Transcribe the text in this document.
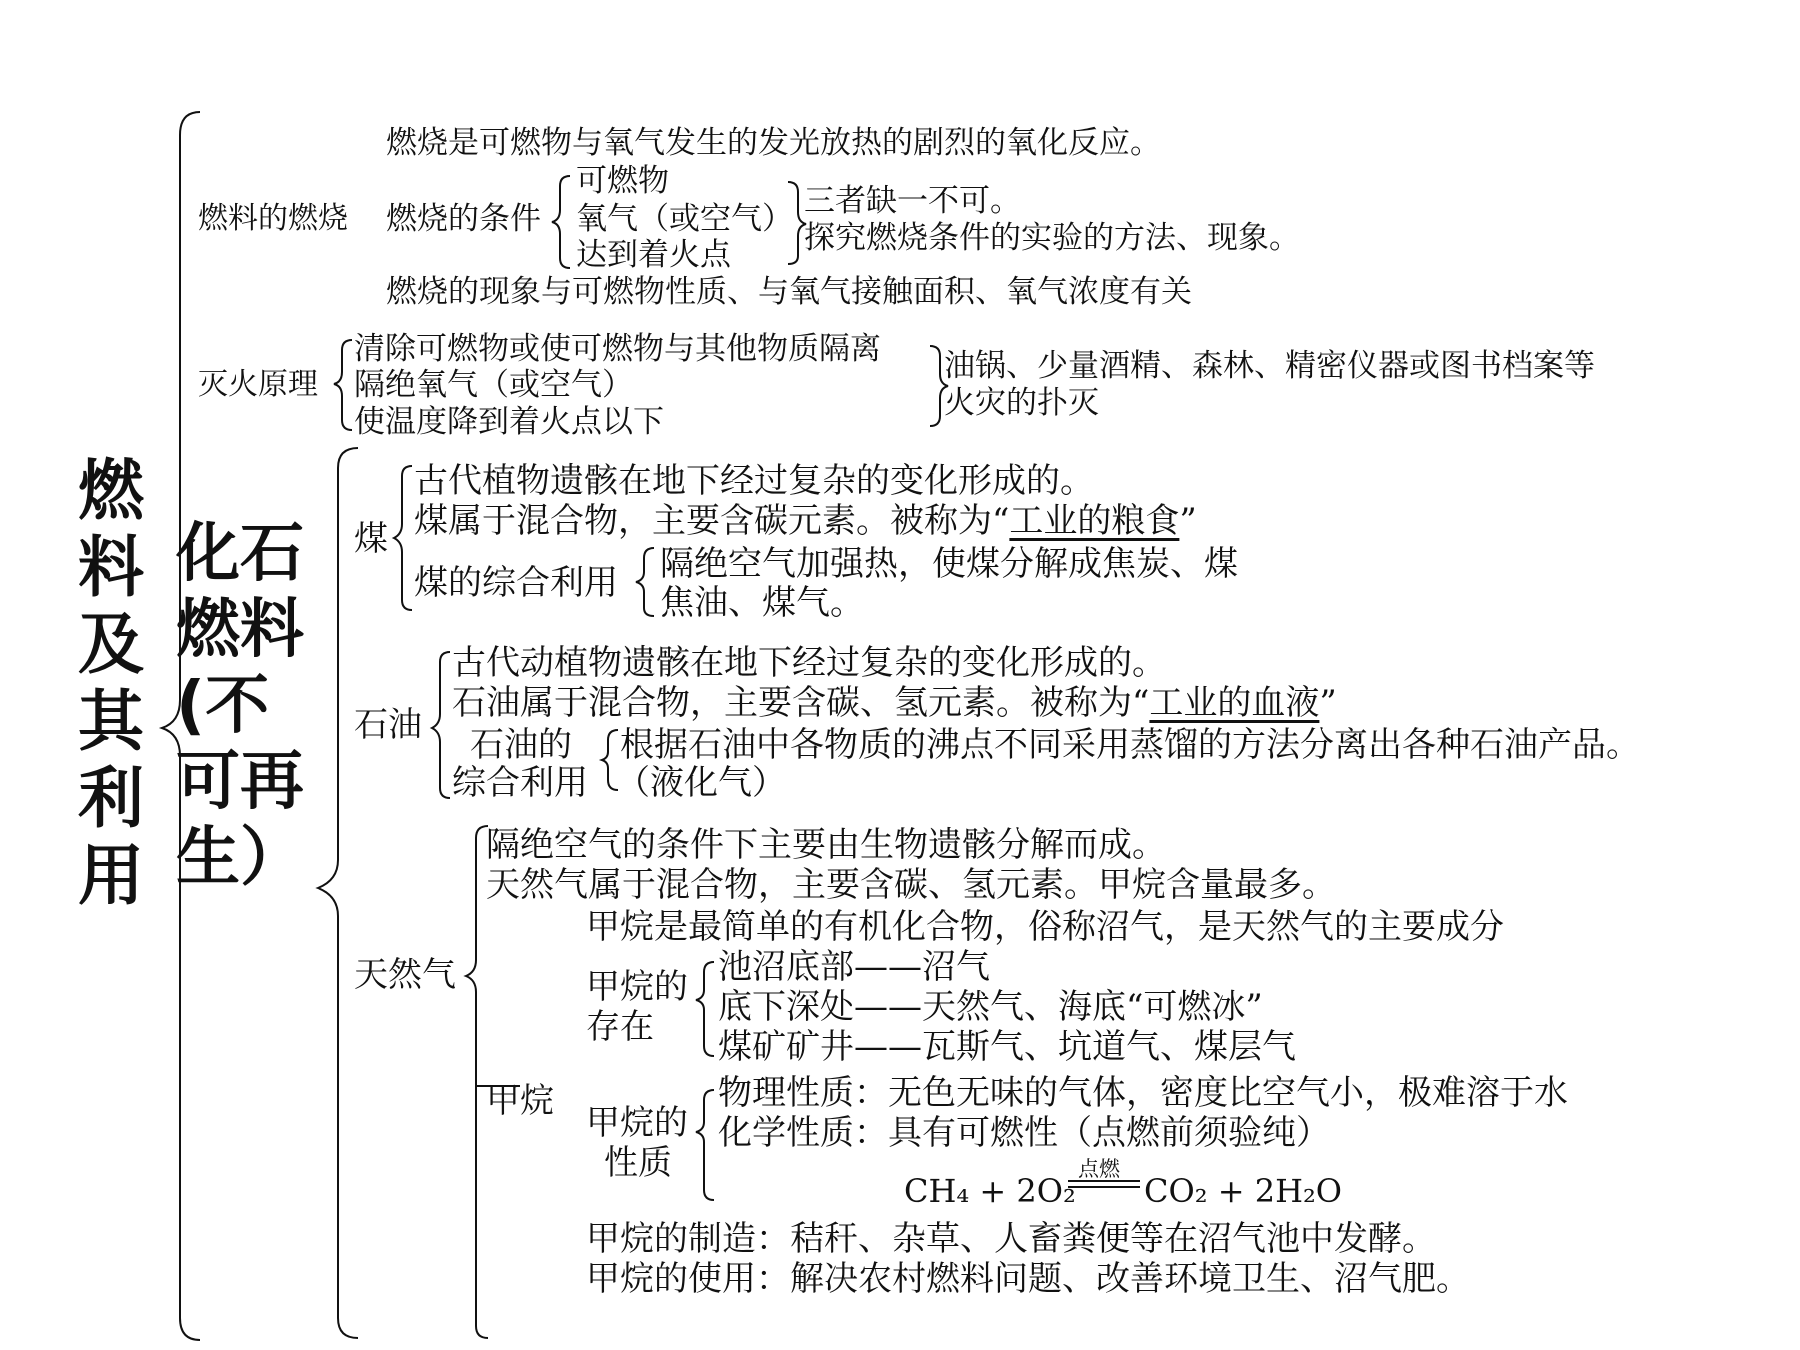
燃料及其利用
燃料的燃烧
燃烧是可燃物与氧气发生的发光放热的剧烈的氧化反应。
燃烧的条件
可燃物
氧气（或空气）
达到着火点
三者缺一不可。
探究燃烧条件的实验的方法、现象。
燃烧的现象与可燃物性质、与氧气接触面积、氧气浓度有关
灭火原理
清除可燃物或使可燃物与其他物质隔离
隔绝氧气（或空气）
使温度降到着火点以下
油锅、少量酒精、森林、精密仪器或图书档案等
火灾的扑灭
化石燃料(不可再生）
煤
古代植物遗骸在地下经过复杂的变化形成的。
煤属于混合物，主要含碳元素。被称为“工业的粮食”
煤的综合利用 隔绝空气加强热，使煤分解成焦炭、煤
焦油、煤气。
石油
古代动植物遗骸在地下经过复杂的变化形成的。
石油属于混合物，主要含碳、氢元素。被称为“工业的血液”
石油的
综合利用
根据石油中各物质的沸点不同采用蒸馏的方法分离出各种石油产品。
（液化气）
天然气
隔绝空气的条件下主要由生物遗骸分解而成。
天然气属于混合物，主要含碳、氢元素。甲烷含量最多。
甲烷
甲烷是最简单的有机化合物，俗称沼气，是天然气的主要成分
甲烷的
存在
池沼底部——沼气
底下深处——天然气、海底“可燃冰”
煤矿矿井——瓦斯气、坑道气、煤层气
甲烷的
性质
物理性质：无色无味的气体，密度比空气小，极难溶于水
化学性质：具有可燃性（点燃前须验纯）
CH₄ + 2O₂
点燃
CO₂ + 2H₂O
甲烷的制造：秸秆、杂草、人畜粪便等在沼气池中发酵。
甲烷的使用：解决农村燃料问题、改善环境卫生、沼气肥。
